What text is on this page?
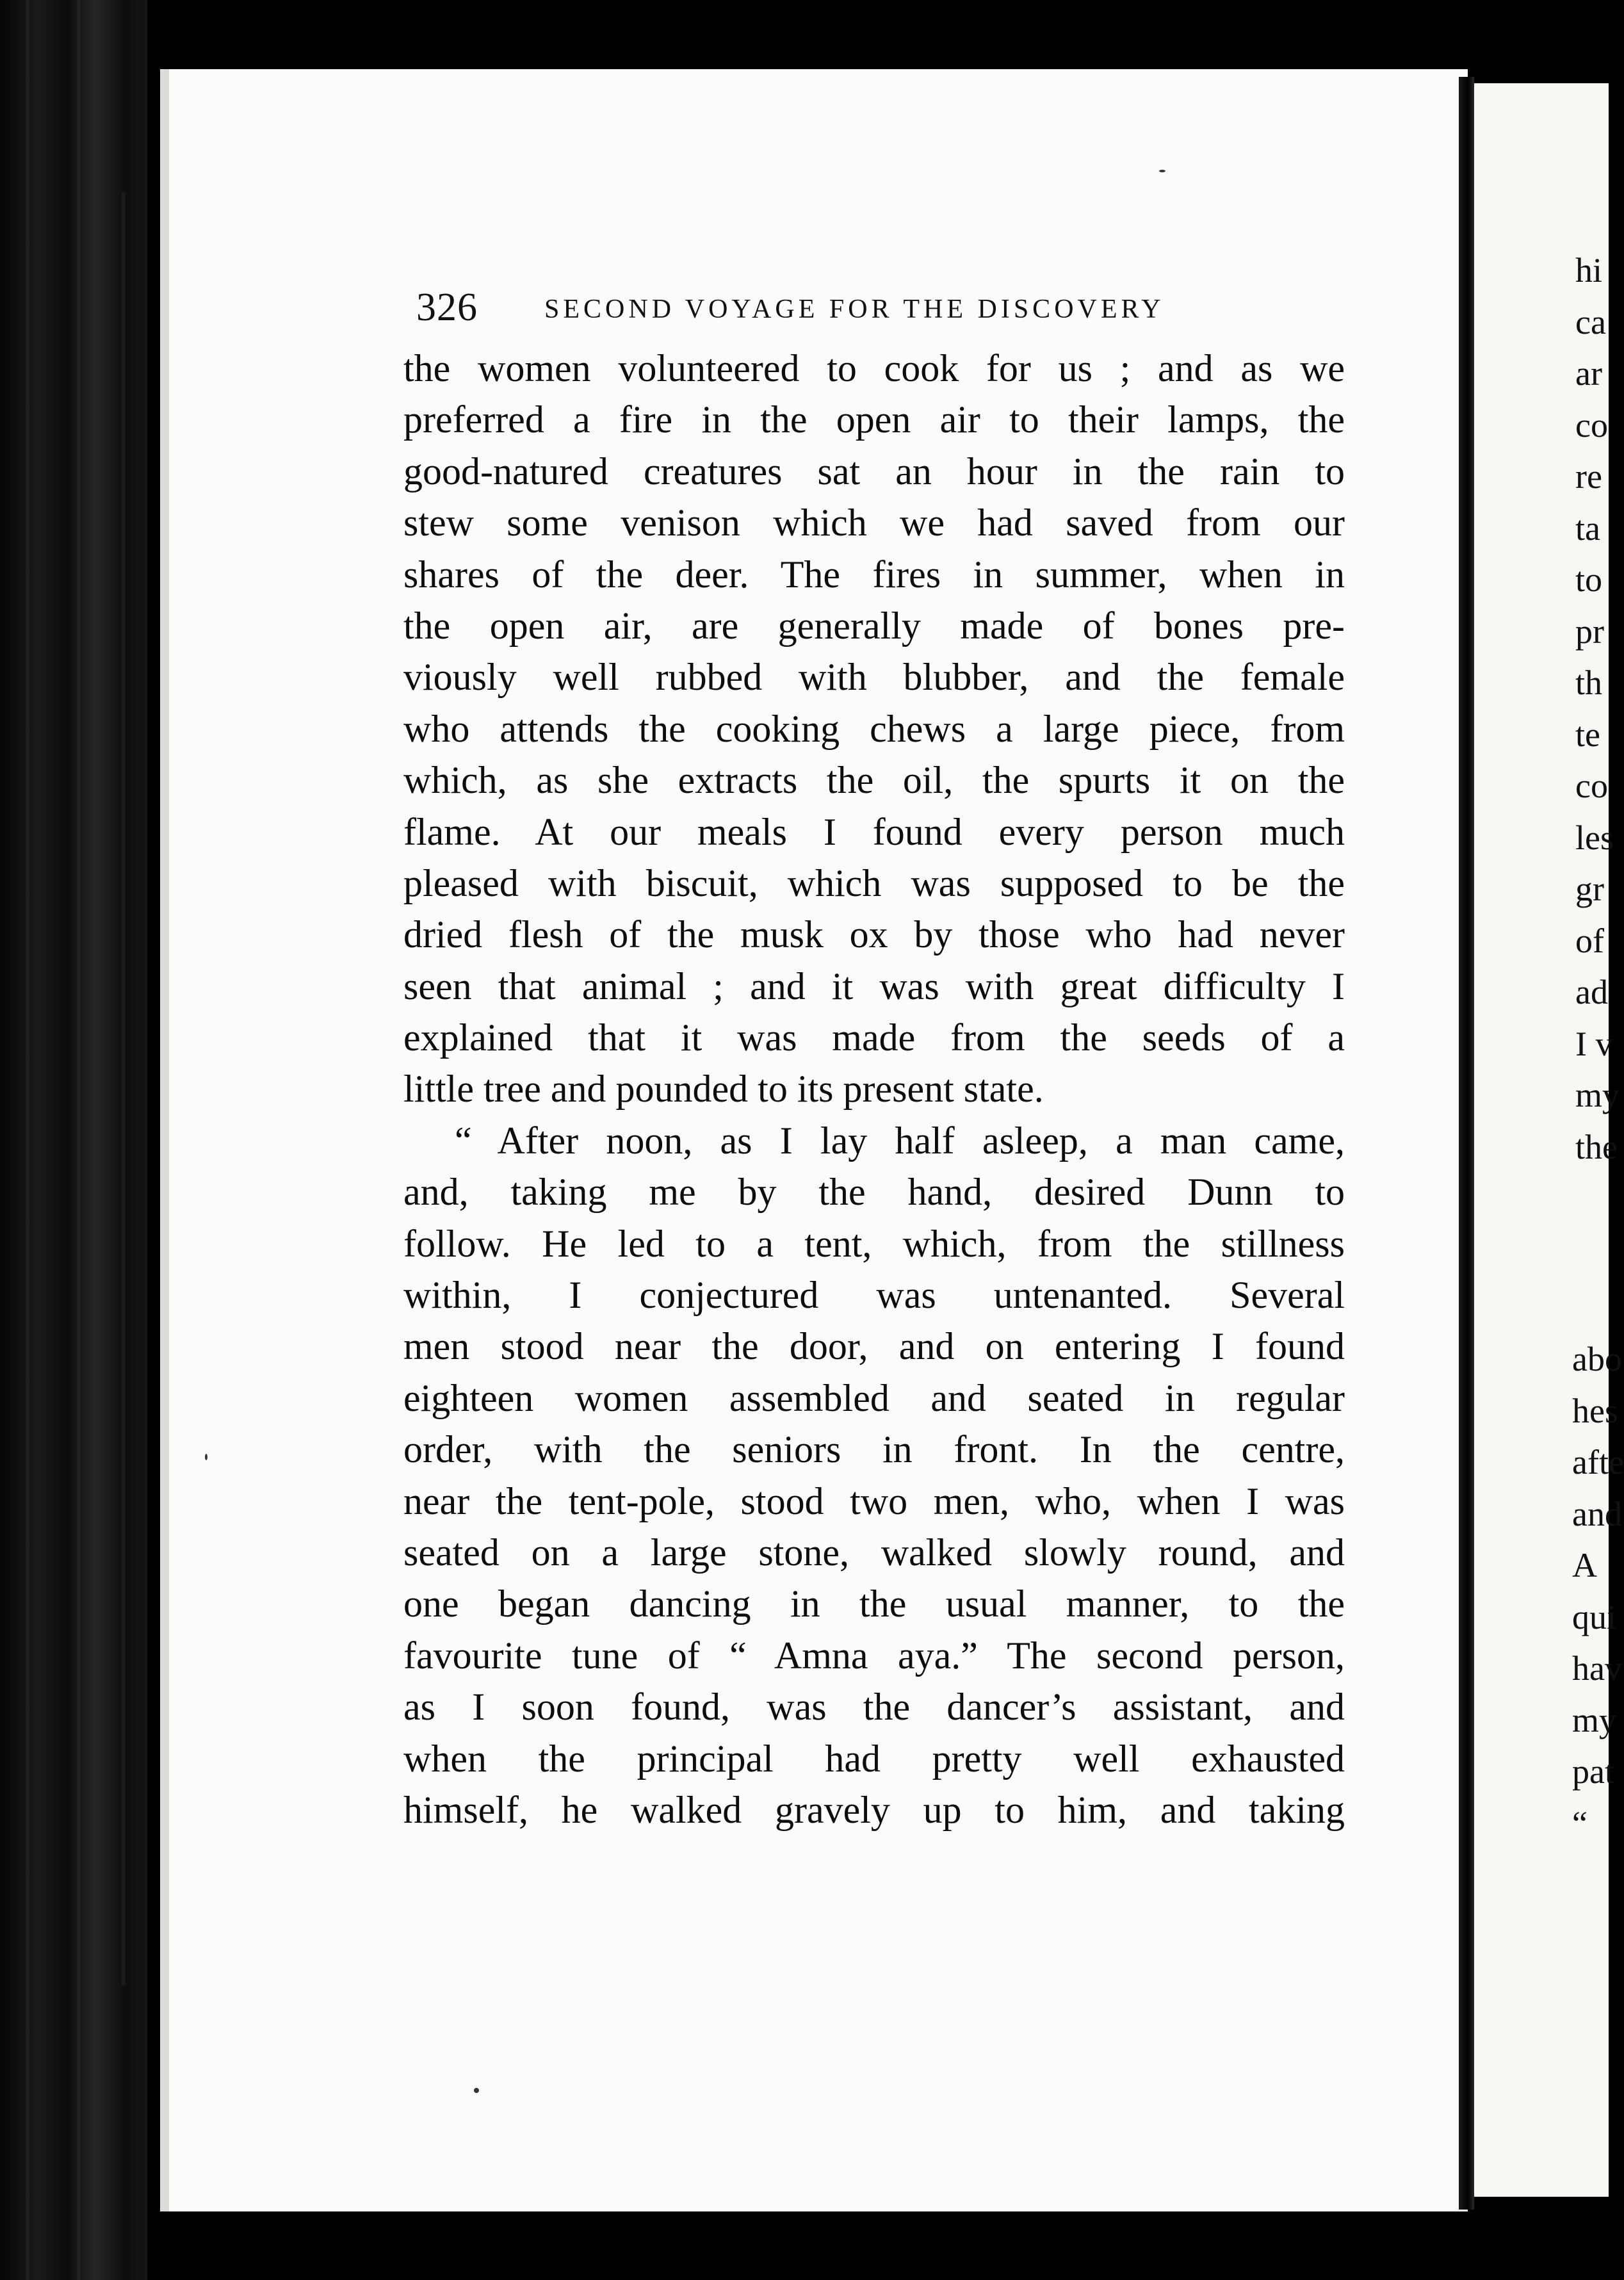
hi
ca
ar
co
re
ta
to
pr
th
te
co
les
gr
of
ad
I v
my
the
abo
hes
afte
and
A
qui
hav
my
pat
“
326 SECOND VOYAGE FOR THE DISCOVERY
the women volunteered to cook for us ; and as we
preferred a fire in the open air to their lamps, the
good-natured creatures sat an hour in the rain to
stew some venison which we had saved from our
shares of the deer. The fires in summer, when in
the open air, are generally made of bones pre-
viously well rubbed with blubber, and the female
who attends the cooking chews a large piece, from
which, as she extracts the oil, the spurts it on the
flame. At our meals I found every person much
pleased with biscuit, which was supposed to be the
dried flesh of the musk ox by those who had never
seen that animal ; and it was with great difficulty I
explained that it was made from the seeds of a
little tree and pounded to its present state.
“ After noon, as I lay half asleep, a man came,
and, taking me by the hand, desired Dunn to
follow. He led to a tent, which, from the stillness
within, I conjectured was untenanted. Several
men stood near the door, and on entering I found
eighteen women assembled and seated in regular
order, with the seniors in front. In the centre,
near the tent-pole, stood two men, who, when I was
seated on a large stone, walked slowly round, and
one began dancing in the usual manner, to the
favourite tune of “ Amna aya.” The second person,
as I soon found, was the dancer’s assistant, and
when the principal had pretty well exhausted
himself, he walked gravely up to him, and taking
